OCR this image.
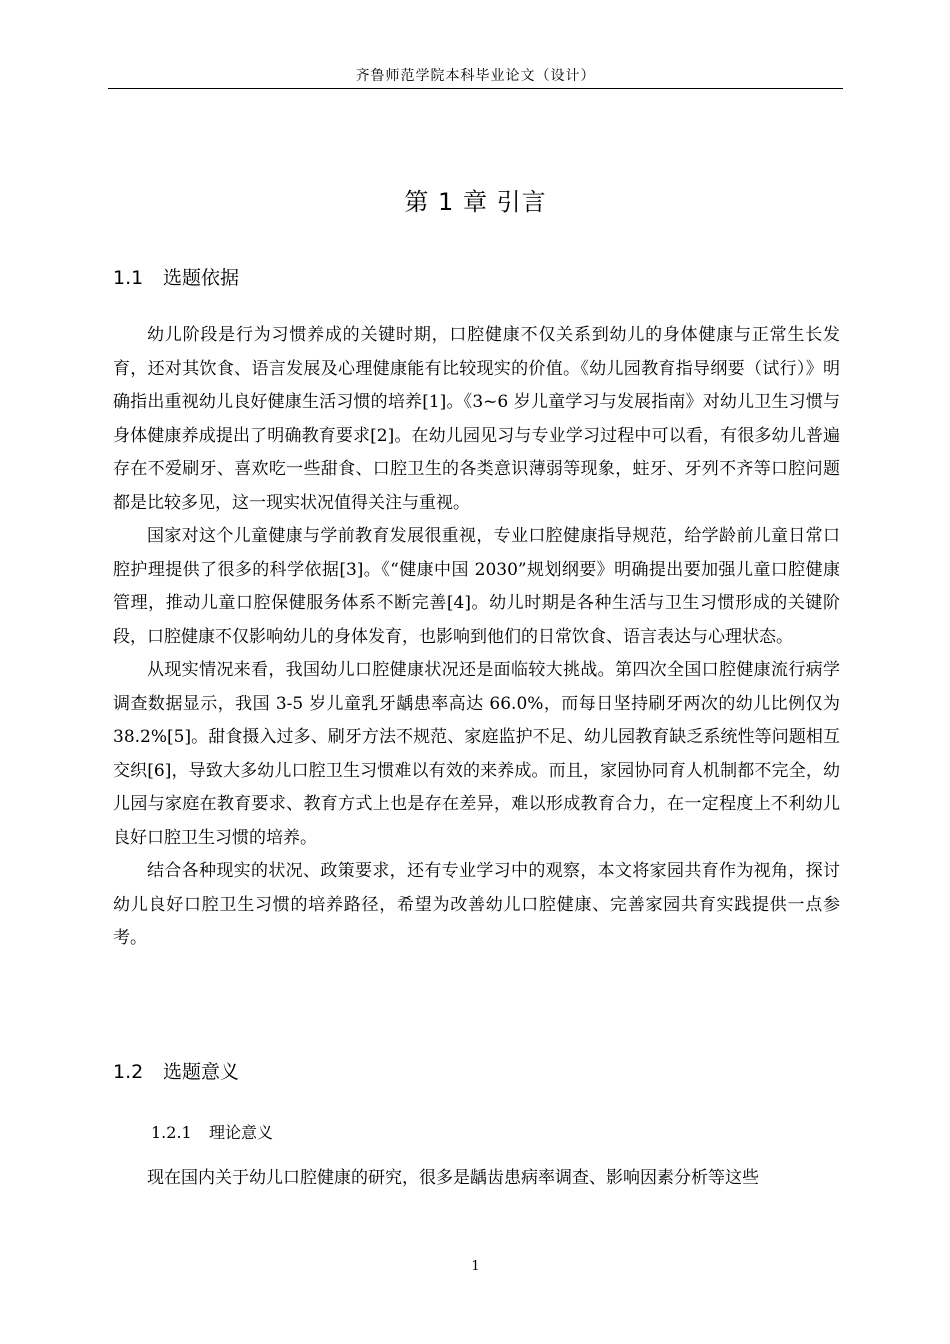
齐鲁师范学院本科毕业论文（设计）
第 1 章 引言
1.1 选题依据

幼儿阶段是行为习惯养成的关键时期，口腔健康不仅关系到幼儿的身体健康与正常生长发育，还对其饮食、语言发展及心理健康能有比较现实的价值。《幼儿园教育指导纲要（试行）》明确指出重视幼儿良好健康生活习惯的培养[1]。《3~6 岁儿童学习与发展指南》对幼儿卫生习惯与身体健康养成提出了明确教育要求[2]。在幼儿园见习与专业学习过程中可以看，有很多幼儿普遍存在不爱刷牙、喜欢吃一些甜食、口腔卫生的各类意识薄弱等现象，蛀牙、牙列不齐等口腔问题都是比较多见，这一现实状况值得关注与重视。

国家对这个儿童健康与学前教育发展很重视，专业口腔健康指导规范，给学龄前儿童日常口腔护理提供了很多的科学依据[3]。《“健康中国 2030”规划纲要》明确提出要加强儿童口腔健康管理，推动儿童口腔保健服务体系不断完善[4]。幼儿时期是各种生活与卫生习惯形成的关键阶段，口腔健康不仅影响幼儿的身体发育，也影响到他们的日常饮食、语言表达与心理状态。

从现实情况来看，我国幼儿口腔健康状况还是面临较大挑战。第四次全国口腔健康流行病学调查数据显示，我国 3-5 岁儿童乳牙龋患率高达 66.0%，而每日坚持刷牙两次的幼儿比例仅为 38.2%[5]。甜食摄入过多、刷牙方法不规范、家庭监护不足、幼儿园教育缺乏系统性等问题相互交织[6]，导致大多幼儿口腔卫生习惯难以有效的来养成。而且，家园协同育人机制都不完全，幼儿园与家庭在教育要求、教育方式上也是存在差异，难以形成教育合力，在一定程度上不利幼儿良好口腔卫生习惯的培养。

结合各种现实的状况、政策要求，还有专业学习中的观察，本文将家园共育作为视角，探讨幼儿良好口腔卫生习惯的培养路径，希望为改善幼儿口腔健康、完善家园共育实践提供一点参考。

1.2 选题意义
1.2.1 理论意义

现在国内关于幼儿口腔健康的研究，很多是龋齿患病率调查、影响因素分析等这些

1
